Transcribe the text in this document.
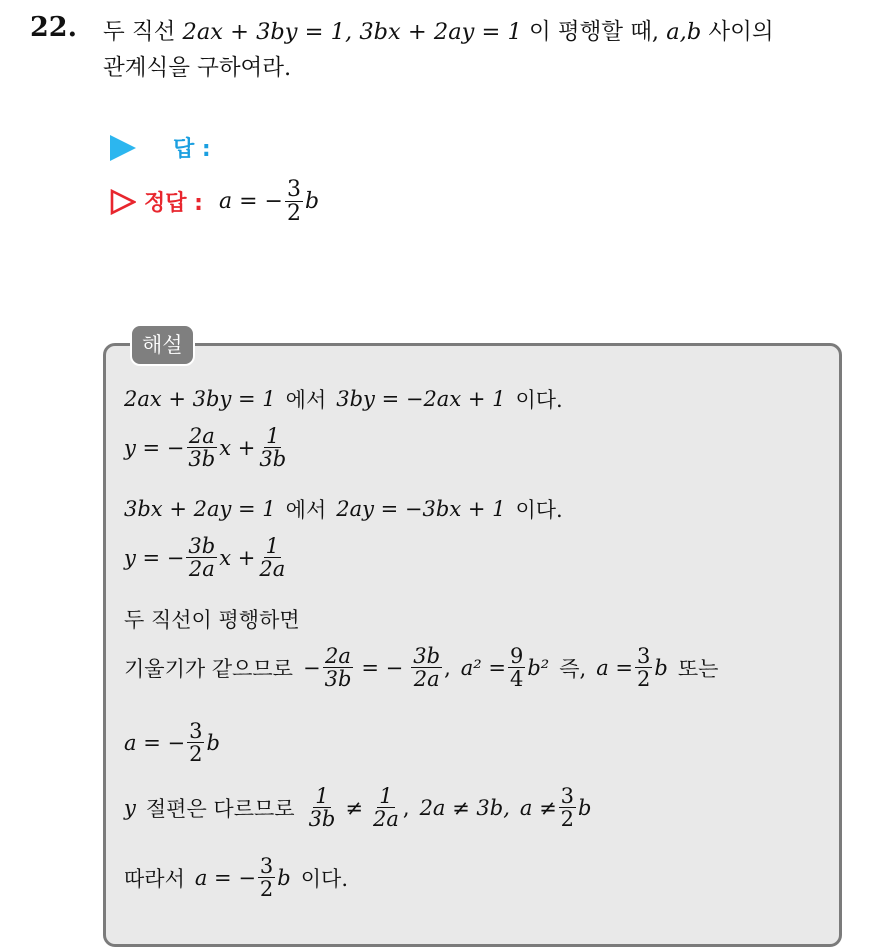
22. 두 직선 2ax + 3by = 1, 3bx + 2ay = 1 이 평행할 때, a,b 사이의
관계식을 구하여라.
답 :
정답 : a = − $\frac{3}{2}$ b
해설
2ax + 3by = 1 에서 3by = −2ax + 1 이다.
y = − $\frac{2a}{3b}$ $x + \frac{1}{3b}$
3bx + 2ay = 1 에서 2ay = −3bx + 1 이다.
y = − $\frac{3b}{2a}$ $x + \frac{1}{2a}$
두 직선이 평행하면
기울기가 같으므로 − $\frac{2a}{3b}$ = − $\frac{3b}{2a}$ , $a^2 = \frac{9}{4} b^2$ 즉, $a = \frac{3}{2}$ b 또는
a = − $\frac{3}{2}$ b
y 절편은 다르므로 $\frac{1}{3b} \ne \frac{1}{2a}$ , 2a ≠ 3b, $a \ne \frac{3}{2}$ b
따라서 a = − $\frac{3}{2}$ b 이다.
